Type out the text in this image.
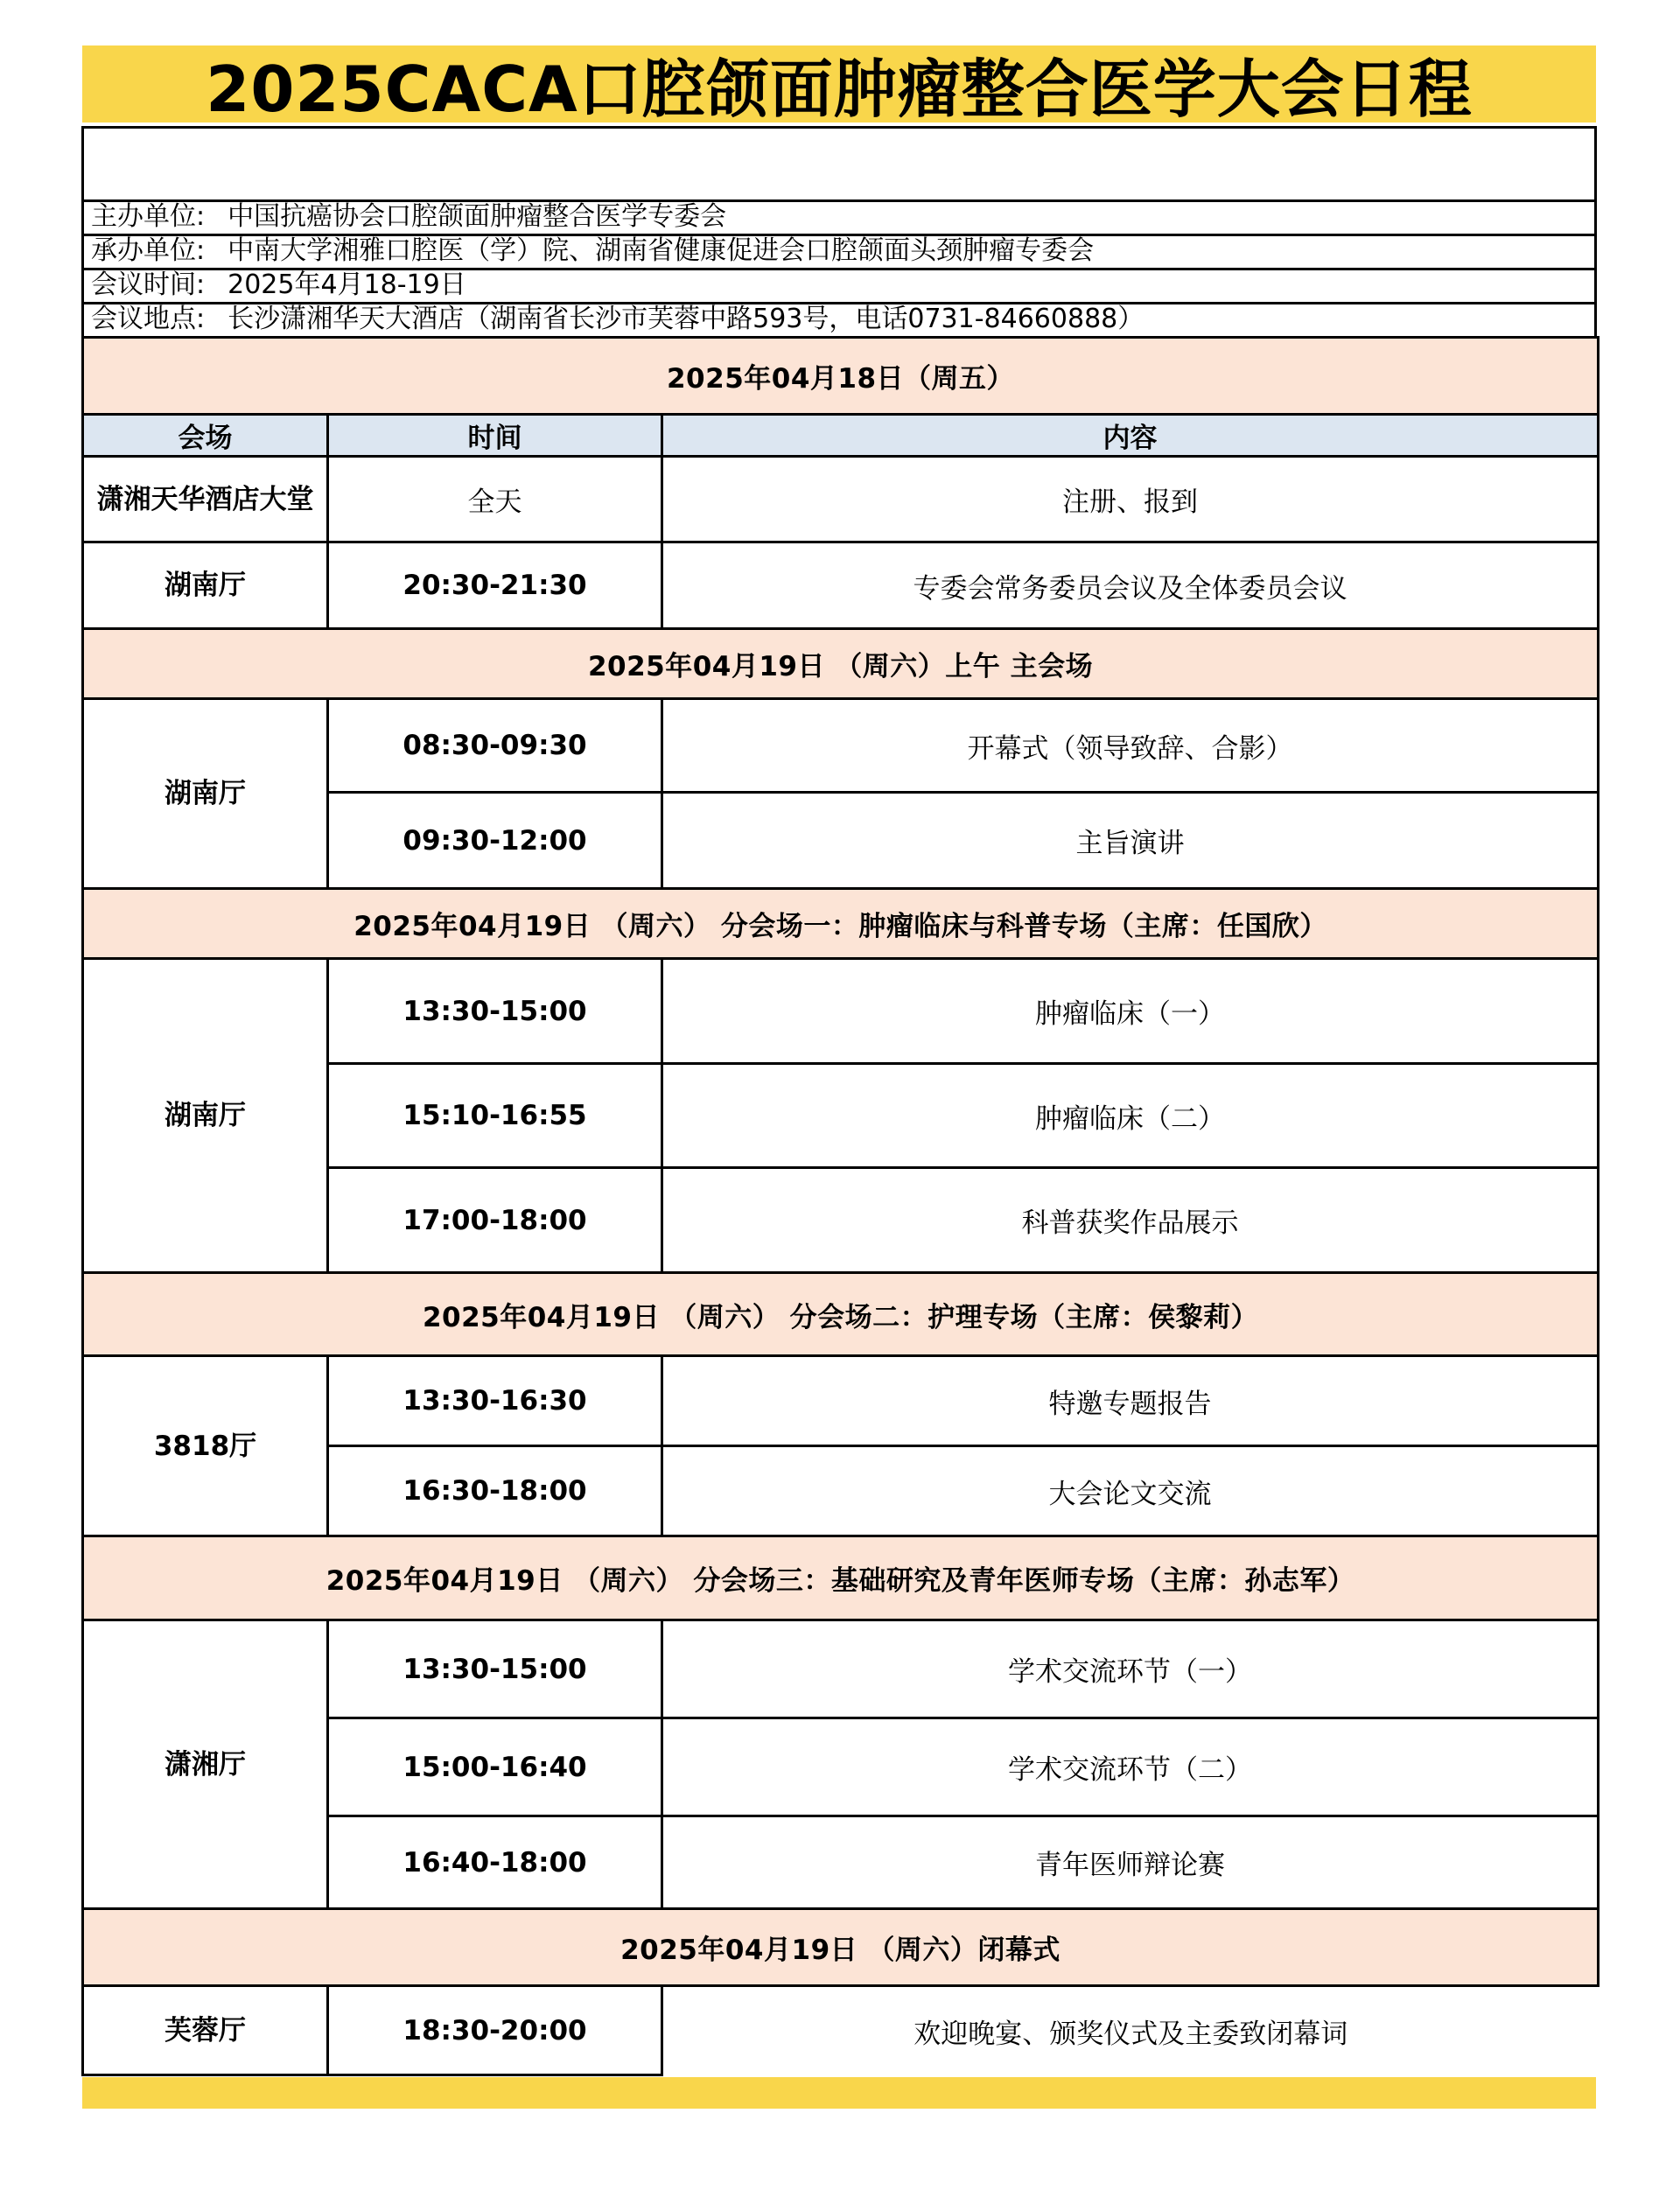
2025CACA口腔颌面肿瘤整合医学大会日程
主办单位: 中国抗癌协会口腔颌面肿瘤整合医学专委会
承办单位: 中南大学湘雅口腔医（学）院、湖南省健康促进会口腔颌面头颈肿瘤专委会
会议时间: 2025年4月18-19日
会议地点: 长沙潇湘华天大酒店（湖南省长沙市芙蓉中路593号，电话0731-84660888）
2025年04月18日（周五）		
会场	时间	内容
潇湘天华酒店大堂	全天	注册、报到
湖南厅	20:30-21:30	专委会常务委员会议及全体委员会议
2025年04月19日 （周六）上午 主会场		
湖南厅	08:30-09:30	开幕式（领导致辞、合影）
	09:30-12:00	主旨演讲
2025年04月19日 （周六） 分会场一：肿瘤临床与科普专场（主席：任国欣）		
湖南厅	13:30-15:00	肿瘤临床（一）
	15:10-16:55	肿瘤临床（二）
	17:00-18:00	科普获奖作品展示
2025年04月19日 （周六） 分会场二：护理专场（主席：侯黎莉）		
3818厅	13:30-16:30	特邀专题报告
	16:30-18:00	大会论文交流
2025年04月19日 （周六） 分会场三：基础研究及青年医师专场（主席：孙志军）		
潇湘厅	13:30-15:00	学术交流环节（一）
	15:00-16:40	学术交流环节（二）
	16:40-18:00	青年医师辩论赛
2025年04月19日 （周六）闭幕式		
芙蓉厅	18:30-20:00	欢迎晚宴、颁奖仪式及主委致闭幕词
